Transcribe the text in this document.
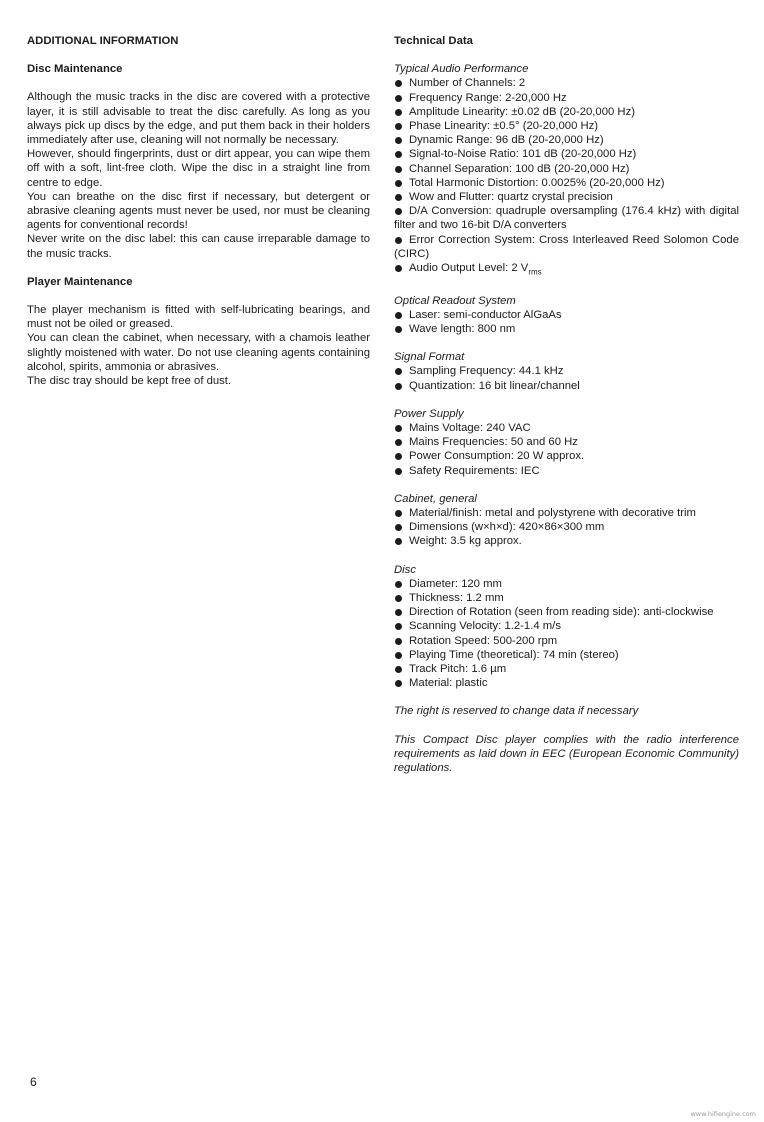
ADDITIONAL INFORMATION
Disc Maintenance

Although the music tracks in the disc are covered with a protective layer, it is still advisable to treat the disc carefully. As long as you always pick up discs by the edge, and put them back in their holders immediately after use, cleaning will not normally be necessary.

However, should fingerprints, dust or dirt appear, you can wipe them off with a soft, lint-free cloth. Wipe the disc in a straight line from centre to edge.

You can breathe on the disc first if necessary, but detergent or abrasive cleaning agents must never be used, nor must be cleaning agents for conventional records!

Never write on the disc label: this can cause irreparable damage to the music tracks.

Player Maintenance

The player mechanism is fitted with self-lubricating bearings, and must not be oiled or greased.

You can clean the cabinet, when necessary, with a chamois leather slightly moistened with water. Do not use cleaning agents containing alcohol, spirits, ammonia or abrasives.

The disc tray should be kept free of dust.

Technical Data

Typical Audio Performance

Number of Channels: 2
Frequency Range: 2-20,000 Hz
Amplitude Linearity: ±0.02 dB (20-20,000 Hz)
Phase Linearity: ±0.5° (20-20,000 Hz)
Dynamic Range: 96 dB (20-20,000 Hz)
Signal-to-Noise Ratio: 101 dB (20-20,000 Hz)
Channel Separation: 100 dB (20-20,000 Hz)
Total Harmonic Distortion: 0.0025% (20-20,000 Hz)
Wow and Flutter: quartz crystal precision
D/A Conversion: quadruple oversampling (176.4 kHz) with digital filter and two 16-bit D/A converters
Error Correction System: Cross Interleaved Reed Solomon Code (CIRC)
Audio Output Level: 2 $V_{rms}$

Optical Readout System

Laser: semi-conductor AlGaAs
Wave length: 800 nm

Signal Format

Sampling Frequency: 44.1 kHz
Quantization: 16 bit linear/channel

Power Supply

Mains Voltage: 240 VAC
Mains Frequencies: 50 and 60 Hz
Power Consumption: 20 W approx.
Safety Requirements: IEC

Cabinet, general

Material/finish: metal and polystyrene with decorative trim
Dimensions (w×h×d): 420×86×300 mm
Weight: 3.5 kg approx.

Disc

Diameter: 120 mm
Thickness: 1.2 mm
Direction of Rotation (seen from reading side): anti-clockwise
Scanning Velocity: 1.2-1.4 m/s
Rotation Speed: 500-200 rpm
Playing Time (theoretical): 74 min (stereo)
Track Pitch: 1.6 µm
Material: plastic

The right is reserved to change data if necessary

This Compact Disc player complies with the radio interference requirements as laid down in EEC (European Economic Community) regulations.

6
www.hifiengine.com
